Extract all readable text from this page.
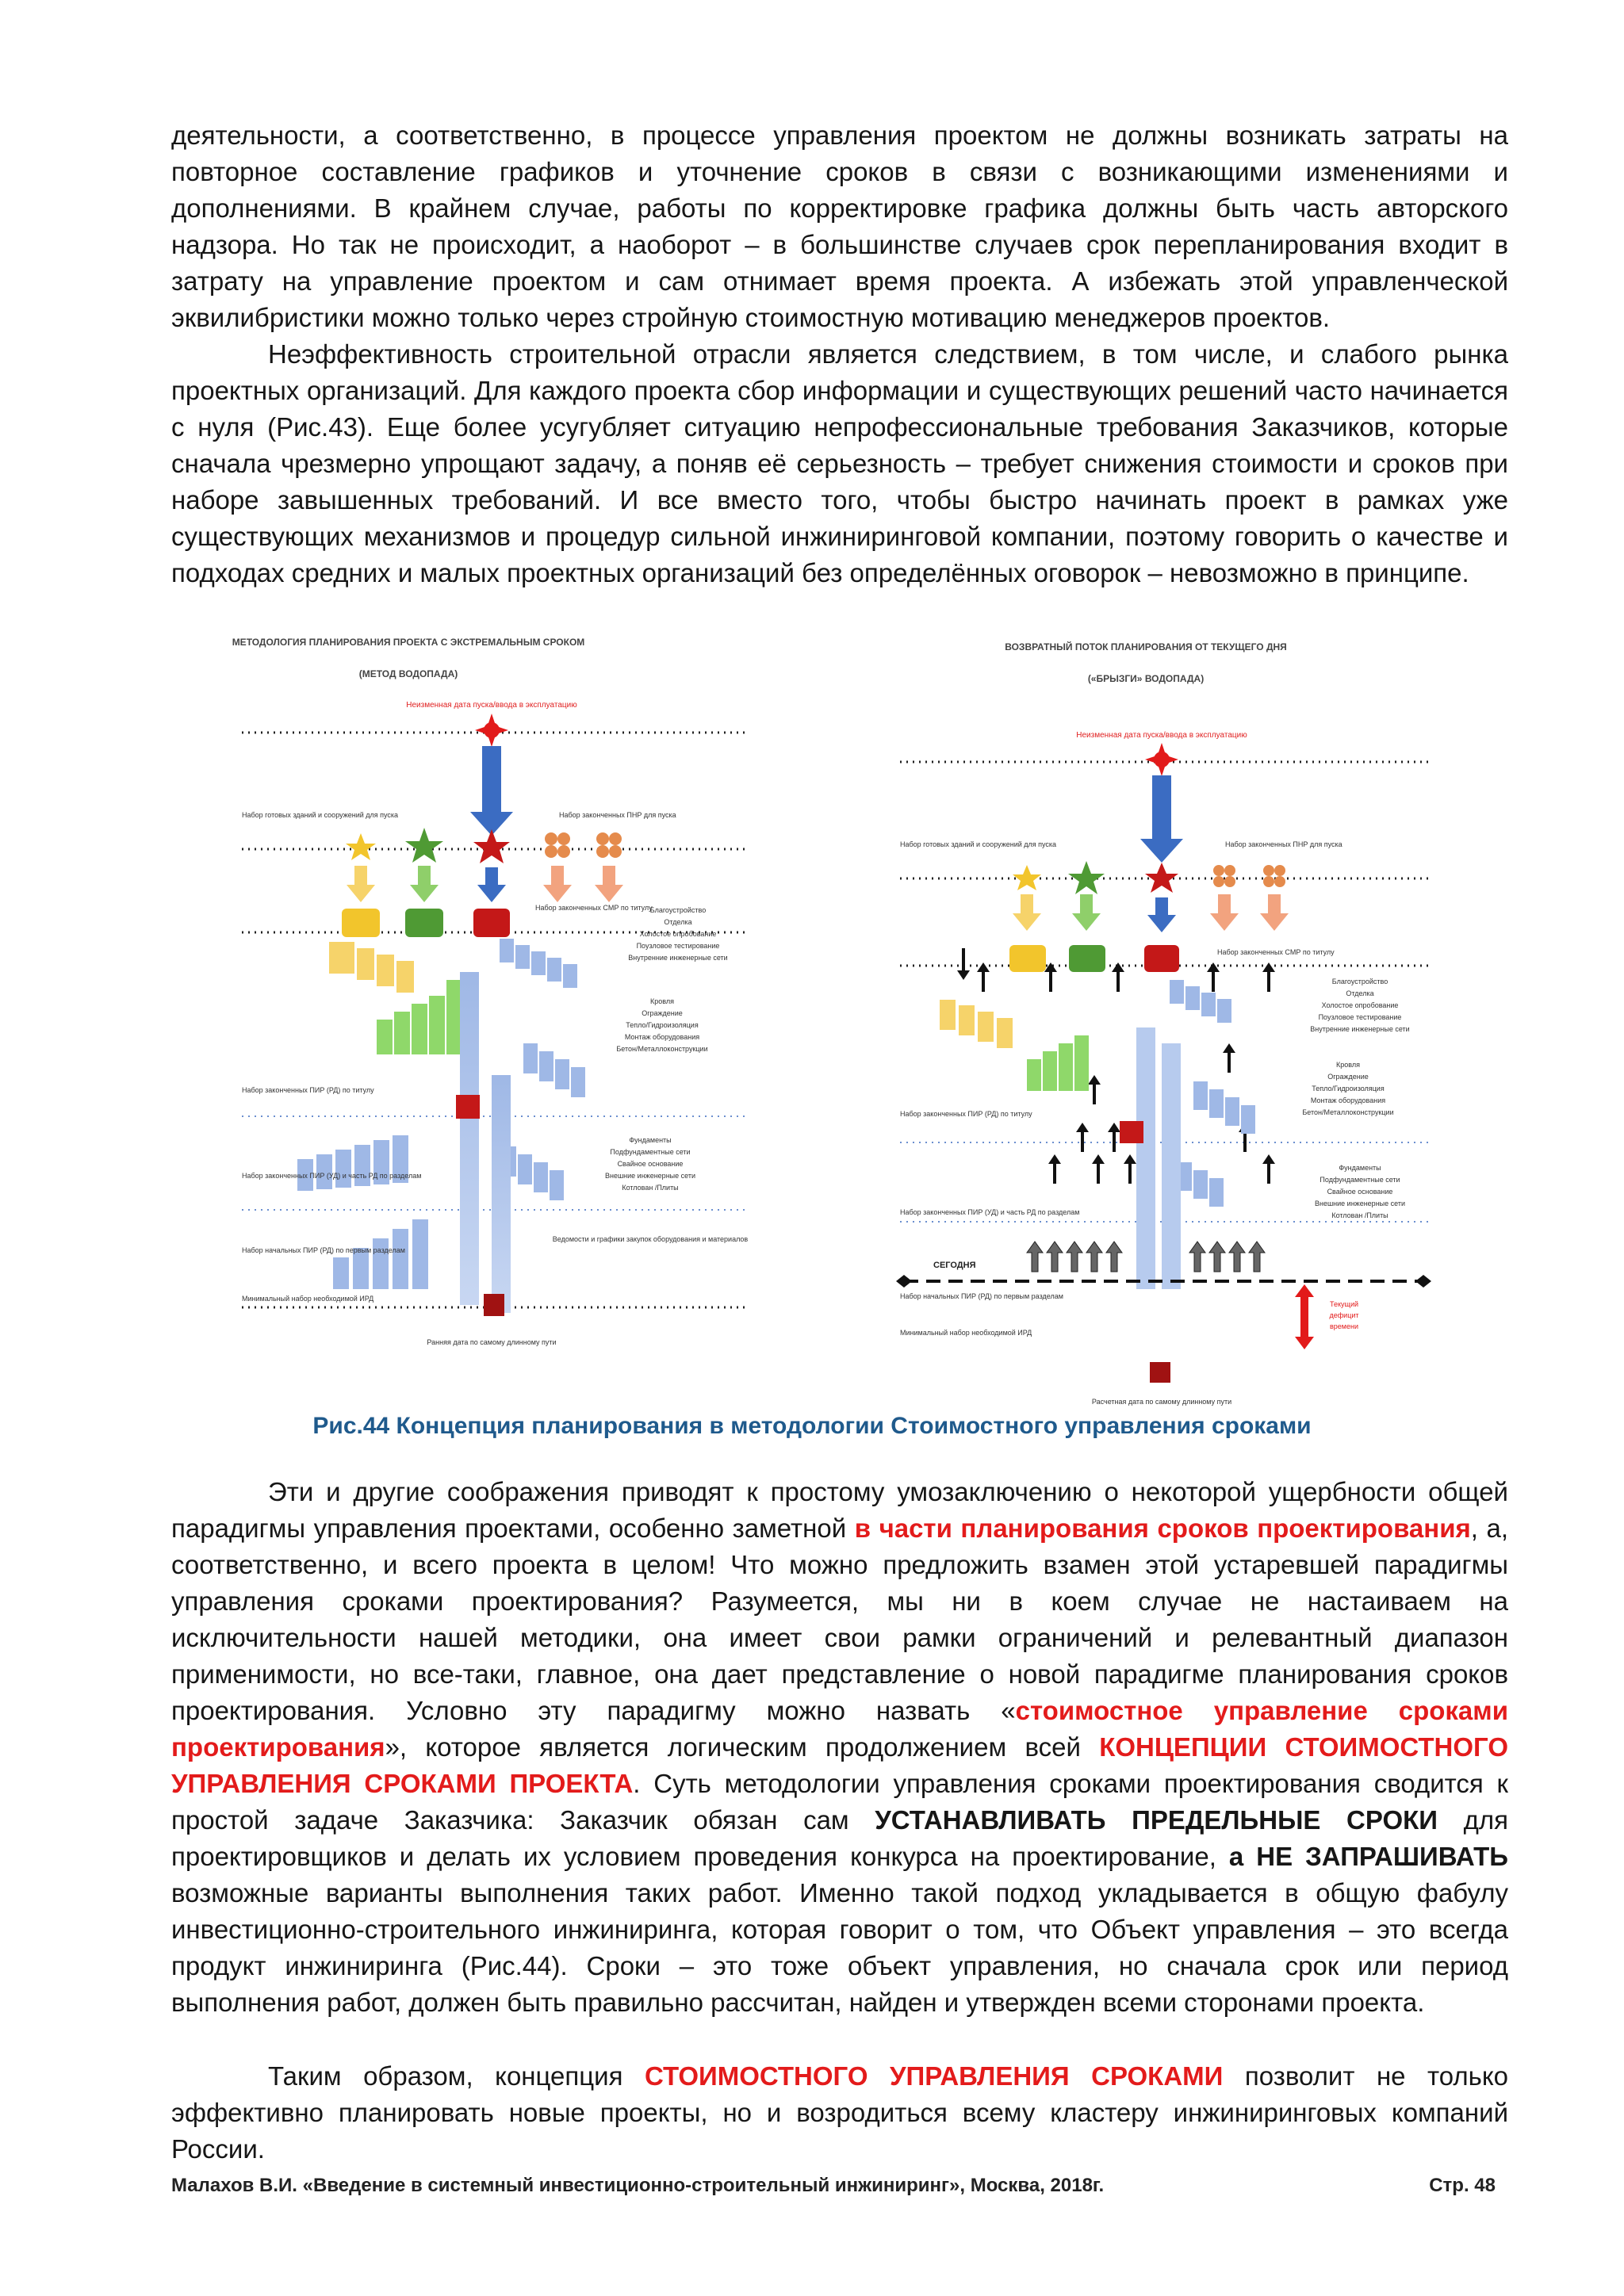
деятельности, а соответственно, в процессе управления проектом не должны возникать затраты на повторное составление графиков и уточнение сроков в связи с возникающими изменениями и дополнениями. В крайнем случае, работы по корректировке графика должны быть часть авторского надзора. Но так не происходит, а наоборот – в большинстве случаев срок перепланирования входит в затрату на управление проектом и сам отнимает время проекта. А избежать этой управленческой эквилибристики можно только через стройную стоимостную мотивацию менеджеров проектов.

Неэффективность строительной отрасли является следствием, в том числе, и слабого рынка проектных организаций. Для каждого проекта сбор информации и существующих решений часто начинается с нуля (Рис.43). Еще более усугубляет ситуацию непрофессиональные требования Заказчиков, которые сначала чрезмерно упрощают задачу, а поняв её серьезность – требует снижения стоимости и сроков при наборе завышенных требований. И все вместо того, чтобы быстро начинать проект в рамках уже существующих механизмов и процедур сильной инжиниринговой компании, поэтому говорить о качестве и подходах средних и малых проектных организаций без определённых оговорок – невозможно в принципе.

МЕТОДОЛОГИЯ ПЛАНИРОВАНИЯ ПРОЕКТА С ЭКСТРЕМАЛЬНЫМ СРОКОМ
(МЕТОД ВОДОПАДА)
Неизменная дата пуска/ввода в эксплуатацию
Набор готовых зданий и сооружений для пуска	Набор законченных ПНР для пуска
Набор законченных СМР по титулу
Благоустройство
Отделка
Холостое опробование
Поузловое тестирование
Внутренние инженерные сети
Кровля
Ограждение
Тепло/Гидроизоляция
Монтаж оборудования
Бетон/Металлоконструкции
Фундаменты
Подфундаментные сети
Свайное основание
Внешние инженерные сети
Котлован /Плиты
Ведомости и графики закупок оборудования и материалов
Набор законченных ПИР (РД) по титулу
Набор законченных ПИР (УД) и часть РД по разделам
Набор начальных ПИР (РД) по первым разделам
Минимальный набор необходимой ИРД
Ранняя дата по самому длинному пути
ВОЗВРАТНЫЙ ПОТОК ПЛАНИРОВАНИЯ ОТ ТЕКУЩЕГО ДНЯ
(«БРЫЗГИ» ВОДОПАДА)
Неизменная дата пуска/ввода в эксплуатацию
Набор готовых зданий и сооружений для пуска	Набор законченных ПНР для пуска
Набор законченных СМР по титулу
СЕГОДНЯ
Текущий
дефицит
времени
Благоустройство
Отделка
Холостое опробование
Поузловое тестирование
Внутренние инженерные сети
Кровля
Ограждение
Тепло/Гидроизоляция
Монтаж оборудования
Бетон/Металлоконструкции
Фундаменты
Подфундаментные сети
Свайное основание
Внешние инженерные сети
Котлован /Плиты
Набор законченных ПИР (РД) по титулу
Набор законченных ПИР (УД) и часть РД по разделам
Набор начальных ПИР (РД) по первым разделам
Минимальный набор необходимой ИРД
Расчетная дата по самому длинному пути
Рис.44 Концепция планирования в методологии Стоимостного управления сроками

Эти и другие соображения приводят к простому умозаключению о некоторой ущербности общей парадигмы управления проектами, особенно заметной в части планирования сроков проектирования, а, соответственно, и всего проекта в целом! Что можно предложить взамен этой устаревшей парадигмы управления сроками проектирования? Разумеется, мы ни в коем случае не настаиваем на исключительности нашей методики, она имеет свои рамки ограничений и релевантный диапазон применимости, но все-таки, главное, она дает представление о новой парадигме планирования сроков проектирования. Условно эту парадигму можно назвать «стоимостное управление сроками проектирования», которое является логическим продолжением всей КОНЦЕПЦИИ СТОИМОСТНОГО УПРАВЛЕНИЯ СРОКАМИ ПРОЕКТА. Суть методологии управления сроками проектирования сводится к простой задаче Заказчика: Заказчик обязан сам УСТАНАВЛИВАТЬ ПРЕДЕЛЬНЫЕ СРОКИ для проектировщиков и делать их условием проведения конкурса на проектирование, а НЕ ЗАПРАШИВАТЬ возможные варианты выполнения таких работ. Именно такой подход укладывается в общую фабулу инвестиционно-строительного инжиниринга, которая говорит о том, что Объект управления – это всегда продукт инжиниринга (Рис.44). Сроки – это тоже объект управления, но сначала срок или период выполнения работ, должен быть правильно рассчитан, найден и утвержден всеми сторонами проекта.

Таким образом, концепция СТОИМОСТНОГО УПРАВЛЕНИЯ СРОКАМИ позволит не только эффективно планировать новые проекты, но и возродиться всему кластеру инжиниринговых компаний России.

Малахов В.И. «Введение в системный инвестиционно-строительный инжиниринг», Москва, 2018г.	Стр. 48
